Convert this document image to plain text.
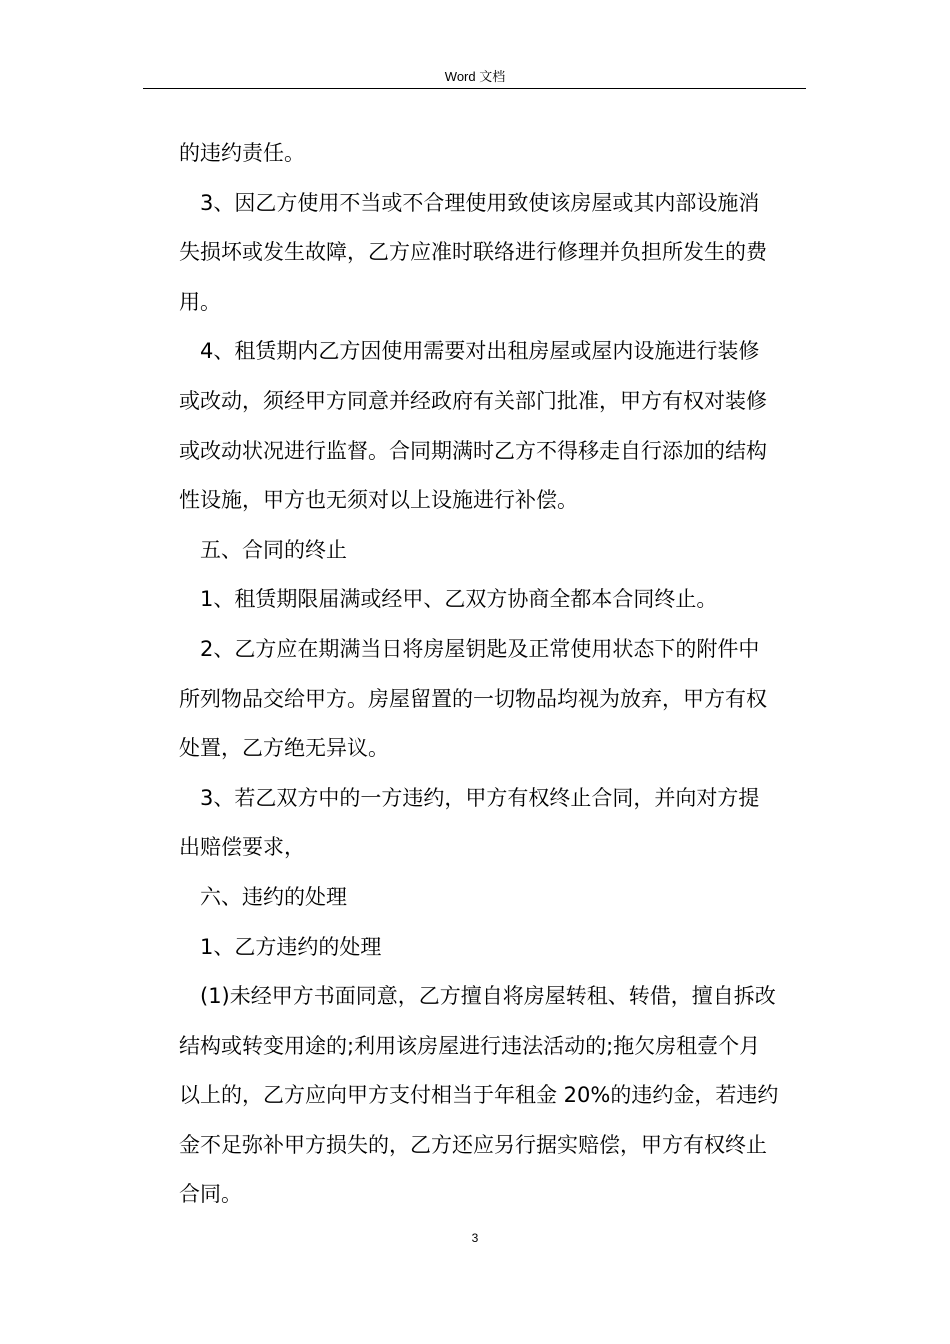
Word 文档
的违约责任。
3、因乙方使用不当或不合理使用致使该房屋或其内部设施消
失损坏或发生故障，乙方应准时联络进行修理并负担所发生的费
用。
4、租赁期内乙方因使用需要对出租房屋或屋内设施进行装修
或改动，须经甲方同意并经政府有关部门批准，甲方有权对装修
或改动状况进行监督。合同期满时乙方不得移走自行添加的结构
性设施，甲方也无须对以上设施进行补偿。
五、合同的终止
1、租赁期限届满或经甲、乙双方协商全都本合同终止。
2、乙方应在期满当日将房屋钥匙及正常使用状态下的附件中
所列物品交给甲方。房屋留置的一切物品均视为放弃，甲方有权
处置，乙方绝无异议。
3、若乙双方中的一方违约，甲方有权终止合同，并向对方提
出赔偿要求，
六、违约的处理
1、乙方违约的处理
(1)未经甲方书面同意，乙方擅自将房屋转租、转借，擅自拆改
结构或转变用途的;利用该房屋进行违法活动的;拖欠房租壹个月
以上的，乙方应向甲方支付相当于年租金 20%的违约金，若违约
金不足弥补甲方损失的，乙方还应另行据实赔偿，甲方有权终止
合同。
3
